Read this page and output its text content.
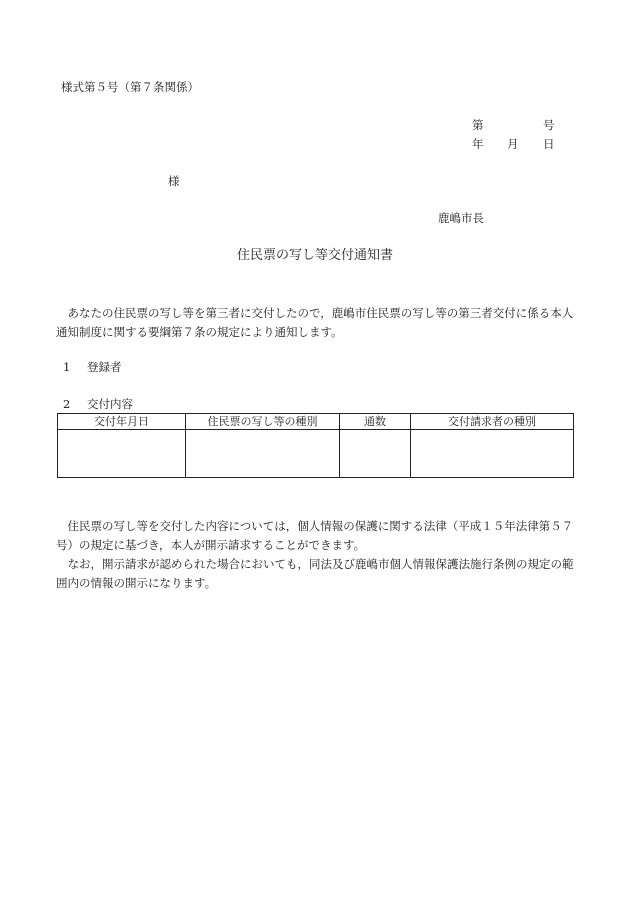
様式第５号（第７条関係）
第	号
年 月 日
様
鹿嶋市長
住民票の写し等交付通知書
　あなたの住民票の写し等を第三者に交付したので，鹿嶋市住民票の写し等の第三者交付に係る本人通知制度に関する要綱第７条の規定により通知します。
1 登録者
2 交付内容
交付年月日	住民票の写し等の種別	通数	交付請求者の種別

　住民票の写し等を交付した内容については，個人情報の保護に関する法律（平成１５年法律第５７号）の規定に基づき，本人が開示請求することができます。
　なお，開示請求が認められた場合においても，同法及び鹿嶋市個人情報保護法施行条例の規定の範囲内の情報の開示になります。
